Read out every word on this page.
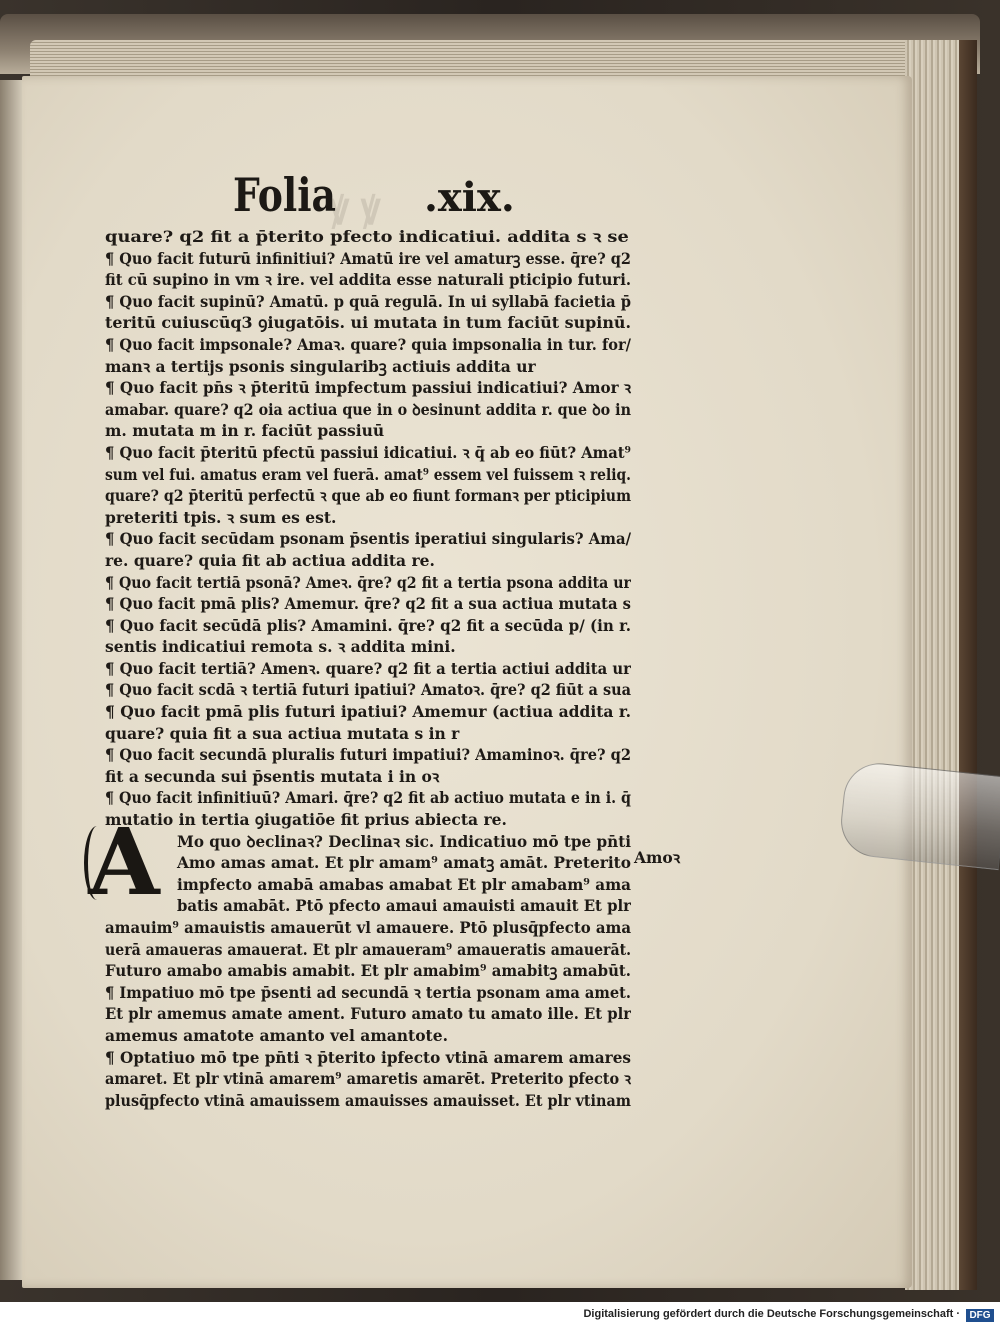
ꝟ ꝟ
Folia .xix.
quare? q2 fit a p̄terito pfecto indicatiui. addita s ꝛ se
¶ Quo facit futurū infinitiui? Amatū ire vel amaturꝫ esse. q̄re? q2
fit cū supino in vm ꝛ ire. vel addita esse naturali pticipio futuri.
¶ Quo facit supinū? Amatū. p quā regulā. In ui syllabā facietia p̄
teritū cuiuscūq3 ꝯiugatōis. ui mutata in tum faciūt supinū.
¶ Quo facit impsonale? Amaꝛ. quare? quia impsonalia in tur. for/
manꝛ a tertijs psonis singularibꝫ actiuis addita ur
¶ Quo facit pn̄s ꝛ p̄teritū impfectum passiui indicatiui? Amor ꝛ
amabar. quare? q2 oia actiua que in o ꝺesinunt addita r. que ꝺo in
m. mutata m in r. faciūt passiuū
¶ Quo facit p̄teritū pfectū passiui idicatiui. ꝛ q̄ ab eo fiūt? Amat⁹
sum vel fui. amatus eram vel fuerā. amat⁹ essem vel fuissem ꝛ reliq.
quare? q2 p̄teritū perfectū ꝛ que ab eo fiunt formanꝛ per pticipium
preteriti tpis. ꝛ sum es est.
¶ Quo facit secūdam psonam p̄sentis iperatiui singularis? Ama/
re. quare? quia fit ab actiua addita re.
¶ Quo facit tertiā psonā? Ameꝛ. q̄re? q2 fit a tertia psona addita ur
¶ Quo facit pmā plis? Amemur. q̄re? q2 fit a sua actiua mutata s
¶ Quo facit secūdā plis? Amamini. q̄re? q2 fit a secūda p/ (in r.
sentis indicatiui remota s. ꝛ addita mini.
¶ Quo facit tertiā? Amenꝛ. quare? q2 fit a tertia actiui addita ur
¶ Quo facit scdā ꝛ tertiā futuri ipatiui? Amatoꝛ. q̄re? q2 fiūt a sua
¶ Quo facit pmā plis futuri ipatiui? Amemur (actiua addita r.
quare? quia fit a sua actiua mutata s in r
¶ Quo facit secundā pluralis futuri impatiui? Amaminoꝛ. q̄re? q2
fit a secunda sui p̄sentis mutata i in oꝛ
¶ Quo facit infinitiuū? Amari. q̄re? q2 fit ab actiuo mutata e in i. q̄
mutatio in tertia ꝯiugatiōe fit prius abiecta re.
Mo quo ꝺeclinaꝛ? Declinaꝛ sic. Indicatiuo mō tpe pn̄ti
Amo amas amat. Et plr amam⁹ amatꝫ amāt. Preterito
impfecto amabā amabas amabat Et plr amabam⁹ ama
batis amabāt. Ptō pfecto amaui amauisti amauit Et plr
amauim⁹ amauistis amauerūt vl amauere. Ptō plusq̄pfecto ama
uerā amaueras amauerat. Et plr amaueram⁹ amaueratis amauerāt.
Futuro amabo amabis amabit. Et plr amabim⁹ amabitꝫ amabūt.
¶ Impatiuo mō tpe p̄senti ad secundā ꝛ tertia psonam ama amet.
Et plr amemus amate ament. Futuro amato tu amato ille. Et plr
amemus amatote amanto vel amantote.
¶ Optatiuo mō tpe pn̄ti ꝛ p̄terito ipfecto vtinā amarem amares
amaret. Et plr vtinā amarem⁹ amaretis amarēt. Preterito pfecto ꝛ
plusq̄pfecto vtinā amauissem amauisses amauisset. Et plr vtinam
A	Amoꝛ
Digitalisierung gefördert durch die Deutsche Forschungsgemeinschaft · DFG
